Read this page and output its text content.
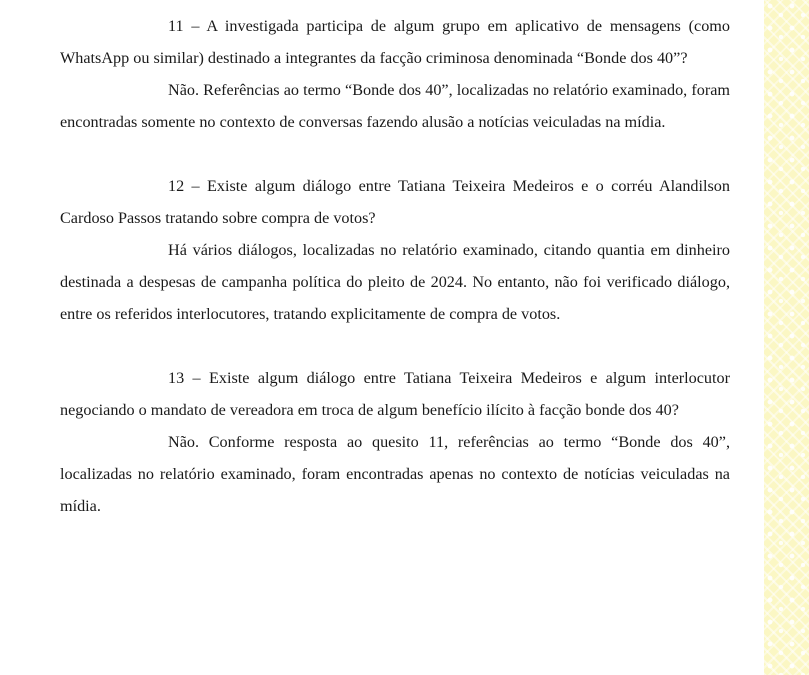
11 – A investigada participa de algum grupo em aplicativo de mensagens (como WhatsApp ou similar) destinado a integrantes da facção criminosa denominada “Bonde dos 40”?

Não. Referências ao termo “Bonde dos 40”, localizadas no relatório examinado, foram encontradas somente no contexto de conversas fazendo alusão a notícias veiculadas na mídia.

12 – Existe algum diálogo entre Tatiana Teixeira Medeiros e o corréu Alandilson Cardoso Passos tratando sobre compra de votos?

Há vários diálogos, localizadas no relatório examinado, citando quantia em dinheiro destinada a despesas de campanha política do pleito de 2024. No entanto, não foi verificado diálogo, entre os referidos interlocutores, tratando explicitamente de compra de votos.

13 – Existe algum diálogo entre Tatiana Teixeira Medeiros e algum interlocutor negociando o mandato de vereadora em troca de algum benefício ilícito à facção bonde dos 40?

Não. Conforme resposta ao quesito 11, referências ao termo “Bonde dos 40”, localizadas no relatório examinado, foram encontradas apenas no contexto de notícias veiculadas na mídia.
